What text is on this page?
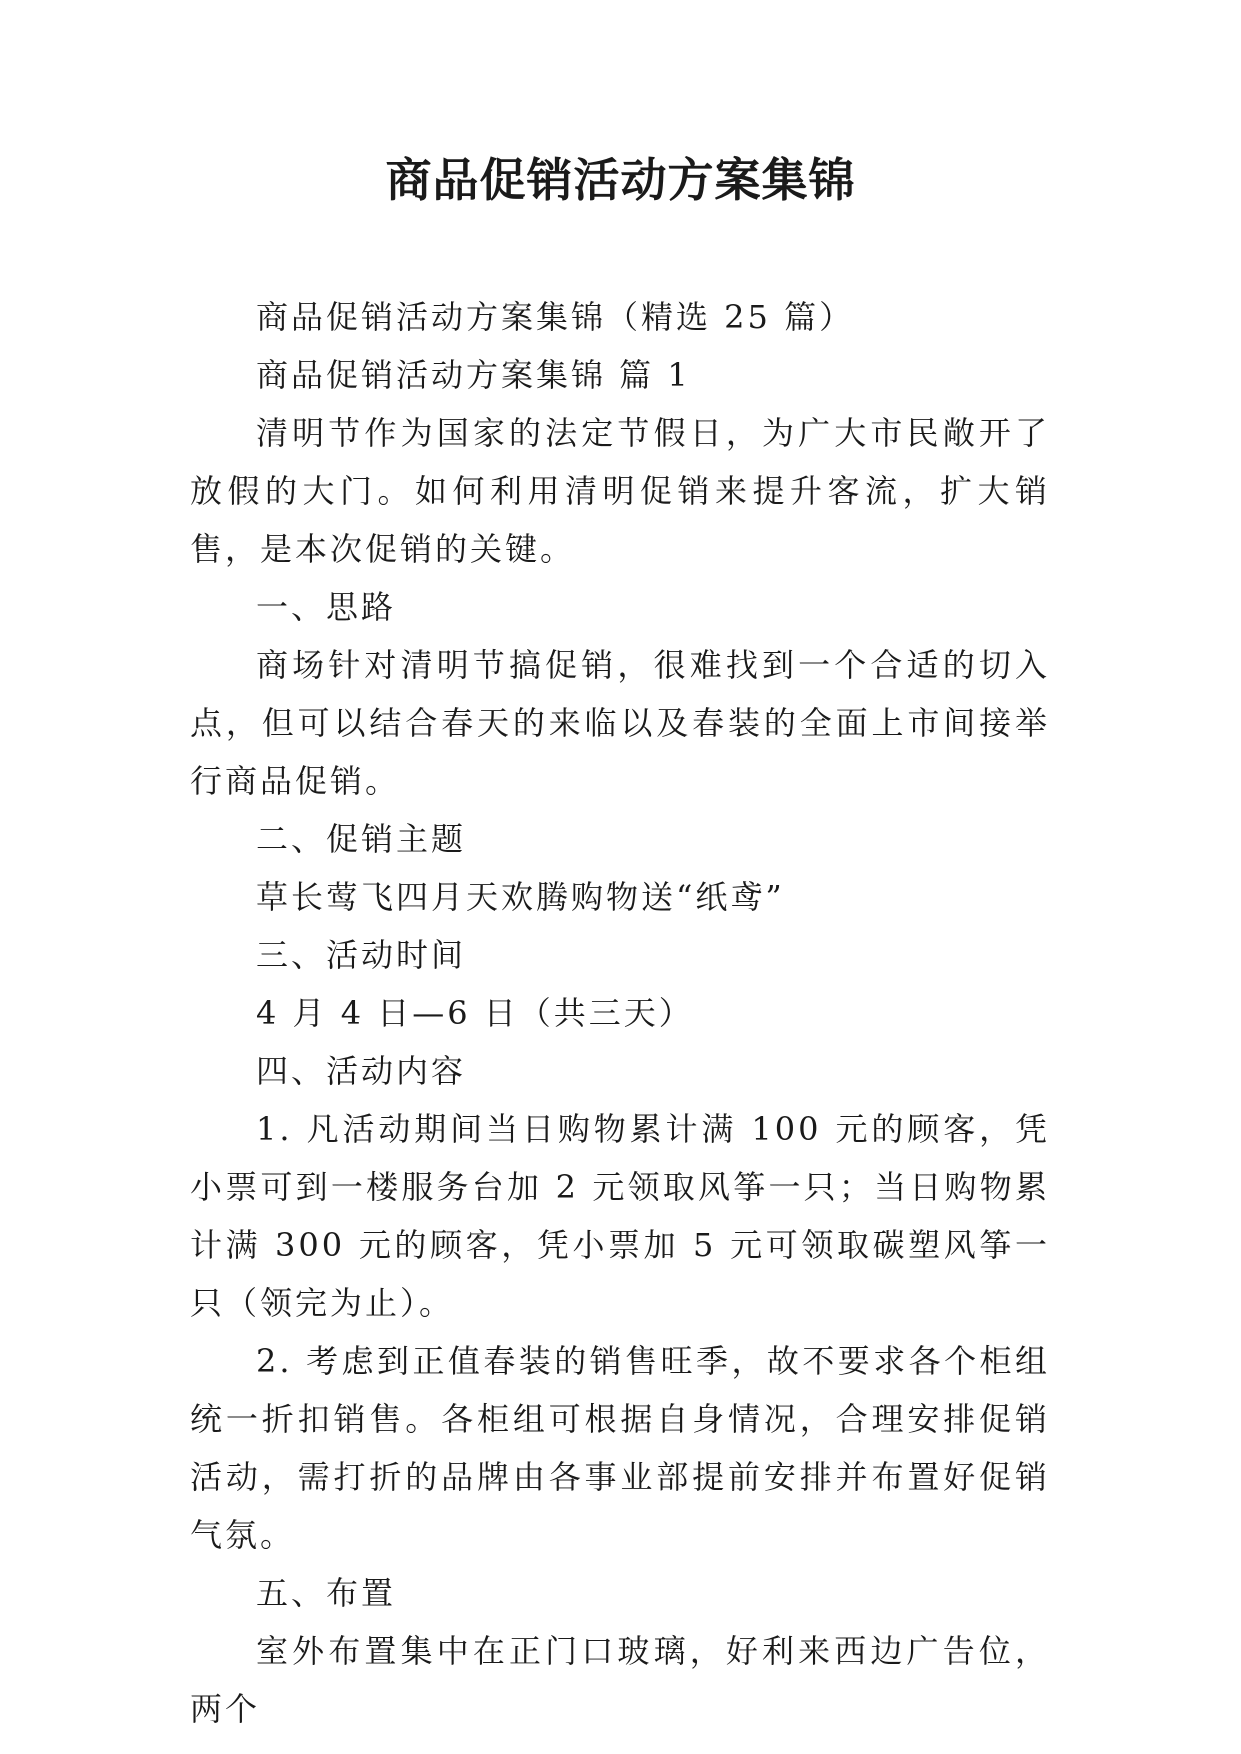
商品促销活动方案集锦

商品促销活动方案集锦（精选 25 篇）

商品促销活动方案集锦 篇 1

清明节作为国家的法定节假日，为广大市民敞开了放假的大门。如何利用清明促销来提升客流，扩大销售，是本次促销的关键。

一、思路

商场针对清明节搞促销，很难找到一个合适的切入点，但可以结合春天的来临以及春装的全面上市间接举行商品促销。

二、促销主题

草长莺飞四月天欢腾购物送“纸鸢”

三、活动时间

4 月 4 日—6 日（共三天）

四、活动内容

1. 凡活动期间当日购物累计满 100 元的顾客，凭小票可到一楼服务台加 2 元领取风筝一只；当日购物累计满 300 元的顾客，凭小票加 5 元可领取碳塑风筝一只（领完为止）。

2. 考虑到正值春装的销售旺季，故不要求各个柜组统一折扣销售。各柜组可根据自身情况，合理安排促销活动，需打折的品牌由各事业部提前安排并布置好促销气氛。

五、布置

室外布置集中在正门口玻璃，好利来西边广告位，两个
